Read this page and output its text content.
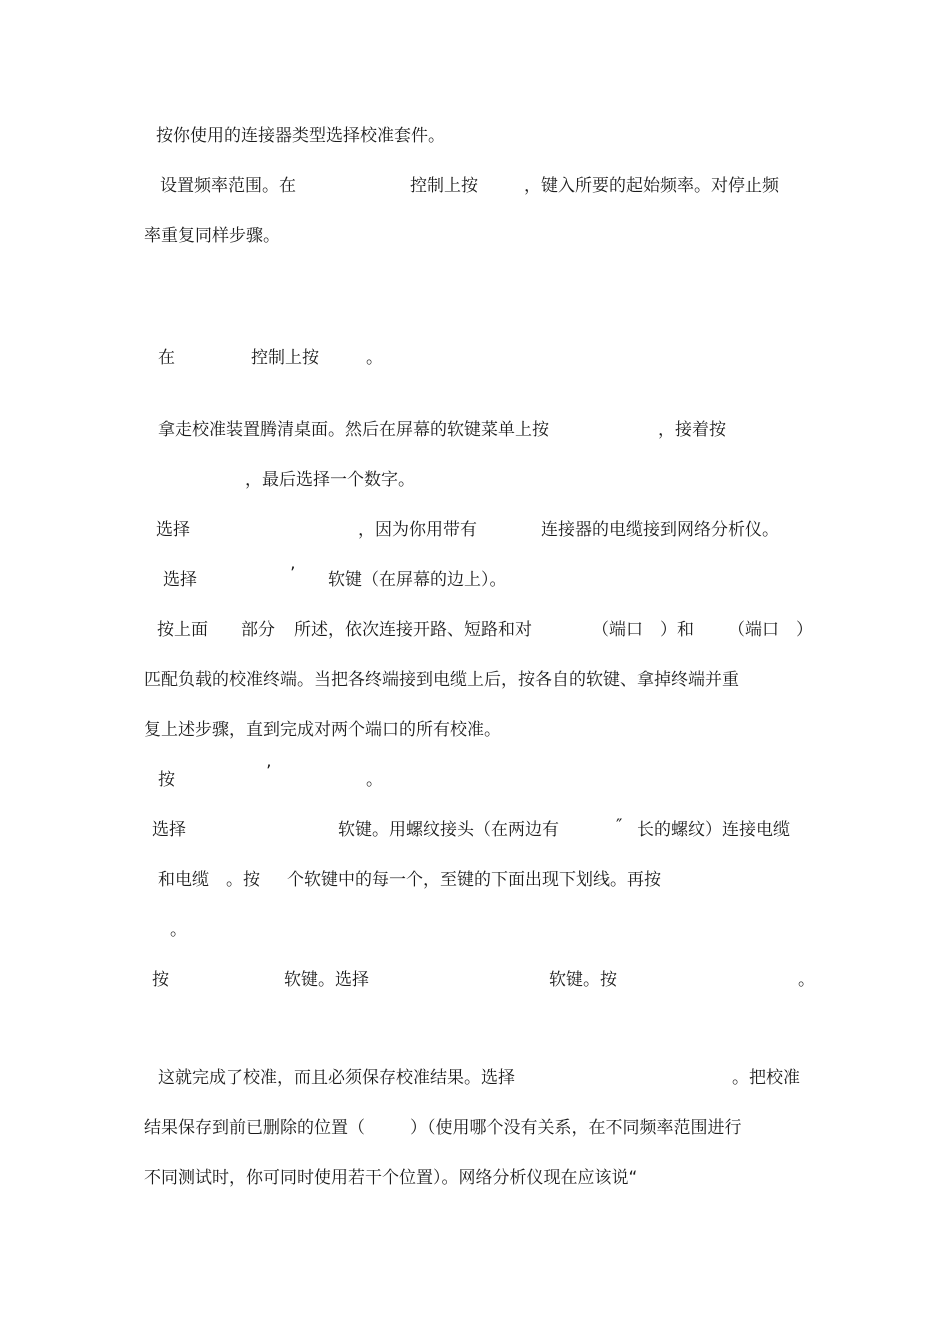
按你使用的连接器类型选择校准套件。
设置频率范围。在	控制上按	，键入所要的起始频率。对停止频
率重复同样步骤。
在	控制上按	。
拿走校准装置腾清桌面。然后在屏幕的软键菜单上按	，接着按
，最后选择一个数字。
选择	，因为你用带有	连接器的电缆接到网络分析仪。
选择	’ 软键（在屏幕的边上）。
按上面 部分 所述，依次连接开路、短路和对	（端口 ）和 （端口 ）
匹配负载的校准终端。当把各终端接到电缆上后，按各自的软键、拿掉终端并重
复上述步骤，直到完成对两个端口的所有校准。
按	’	。
选择	软键。用螺纹接头（在两边有	″ 长的螺纹）连接电缆
和电缆 。按 个软键中的每一个，至键的下面出现下划线。再按
。
按	软键。选择	软键。按	。
这就完成了校准，而且必须保存校准结果。选择	。把校准
结果保存到前已删除的位置（	）（使用哪个没有关系，在不同频率范围进行
不同测试时，你可同时使用若干个位置）。网络分析仪现在应该说“
